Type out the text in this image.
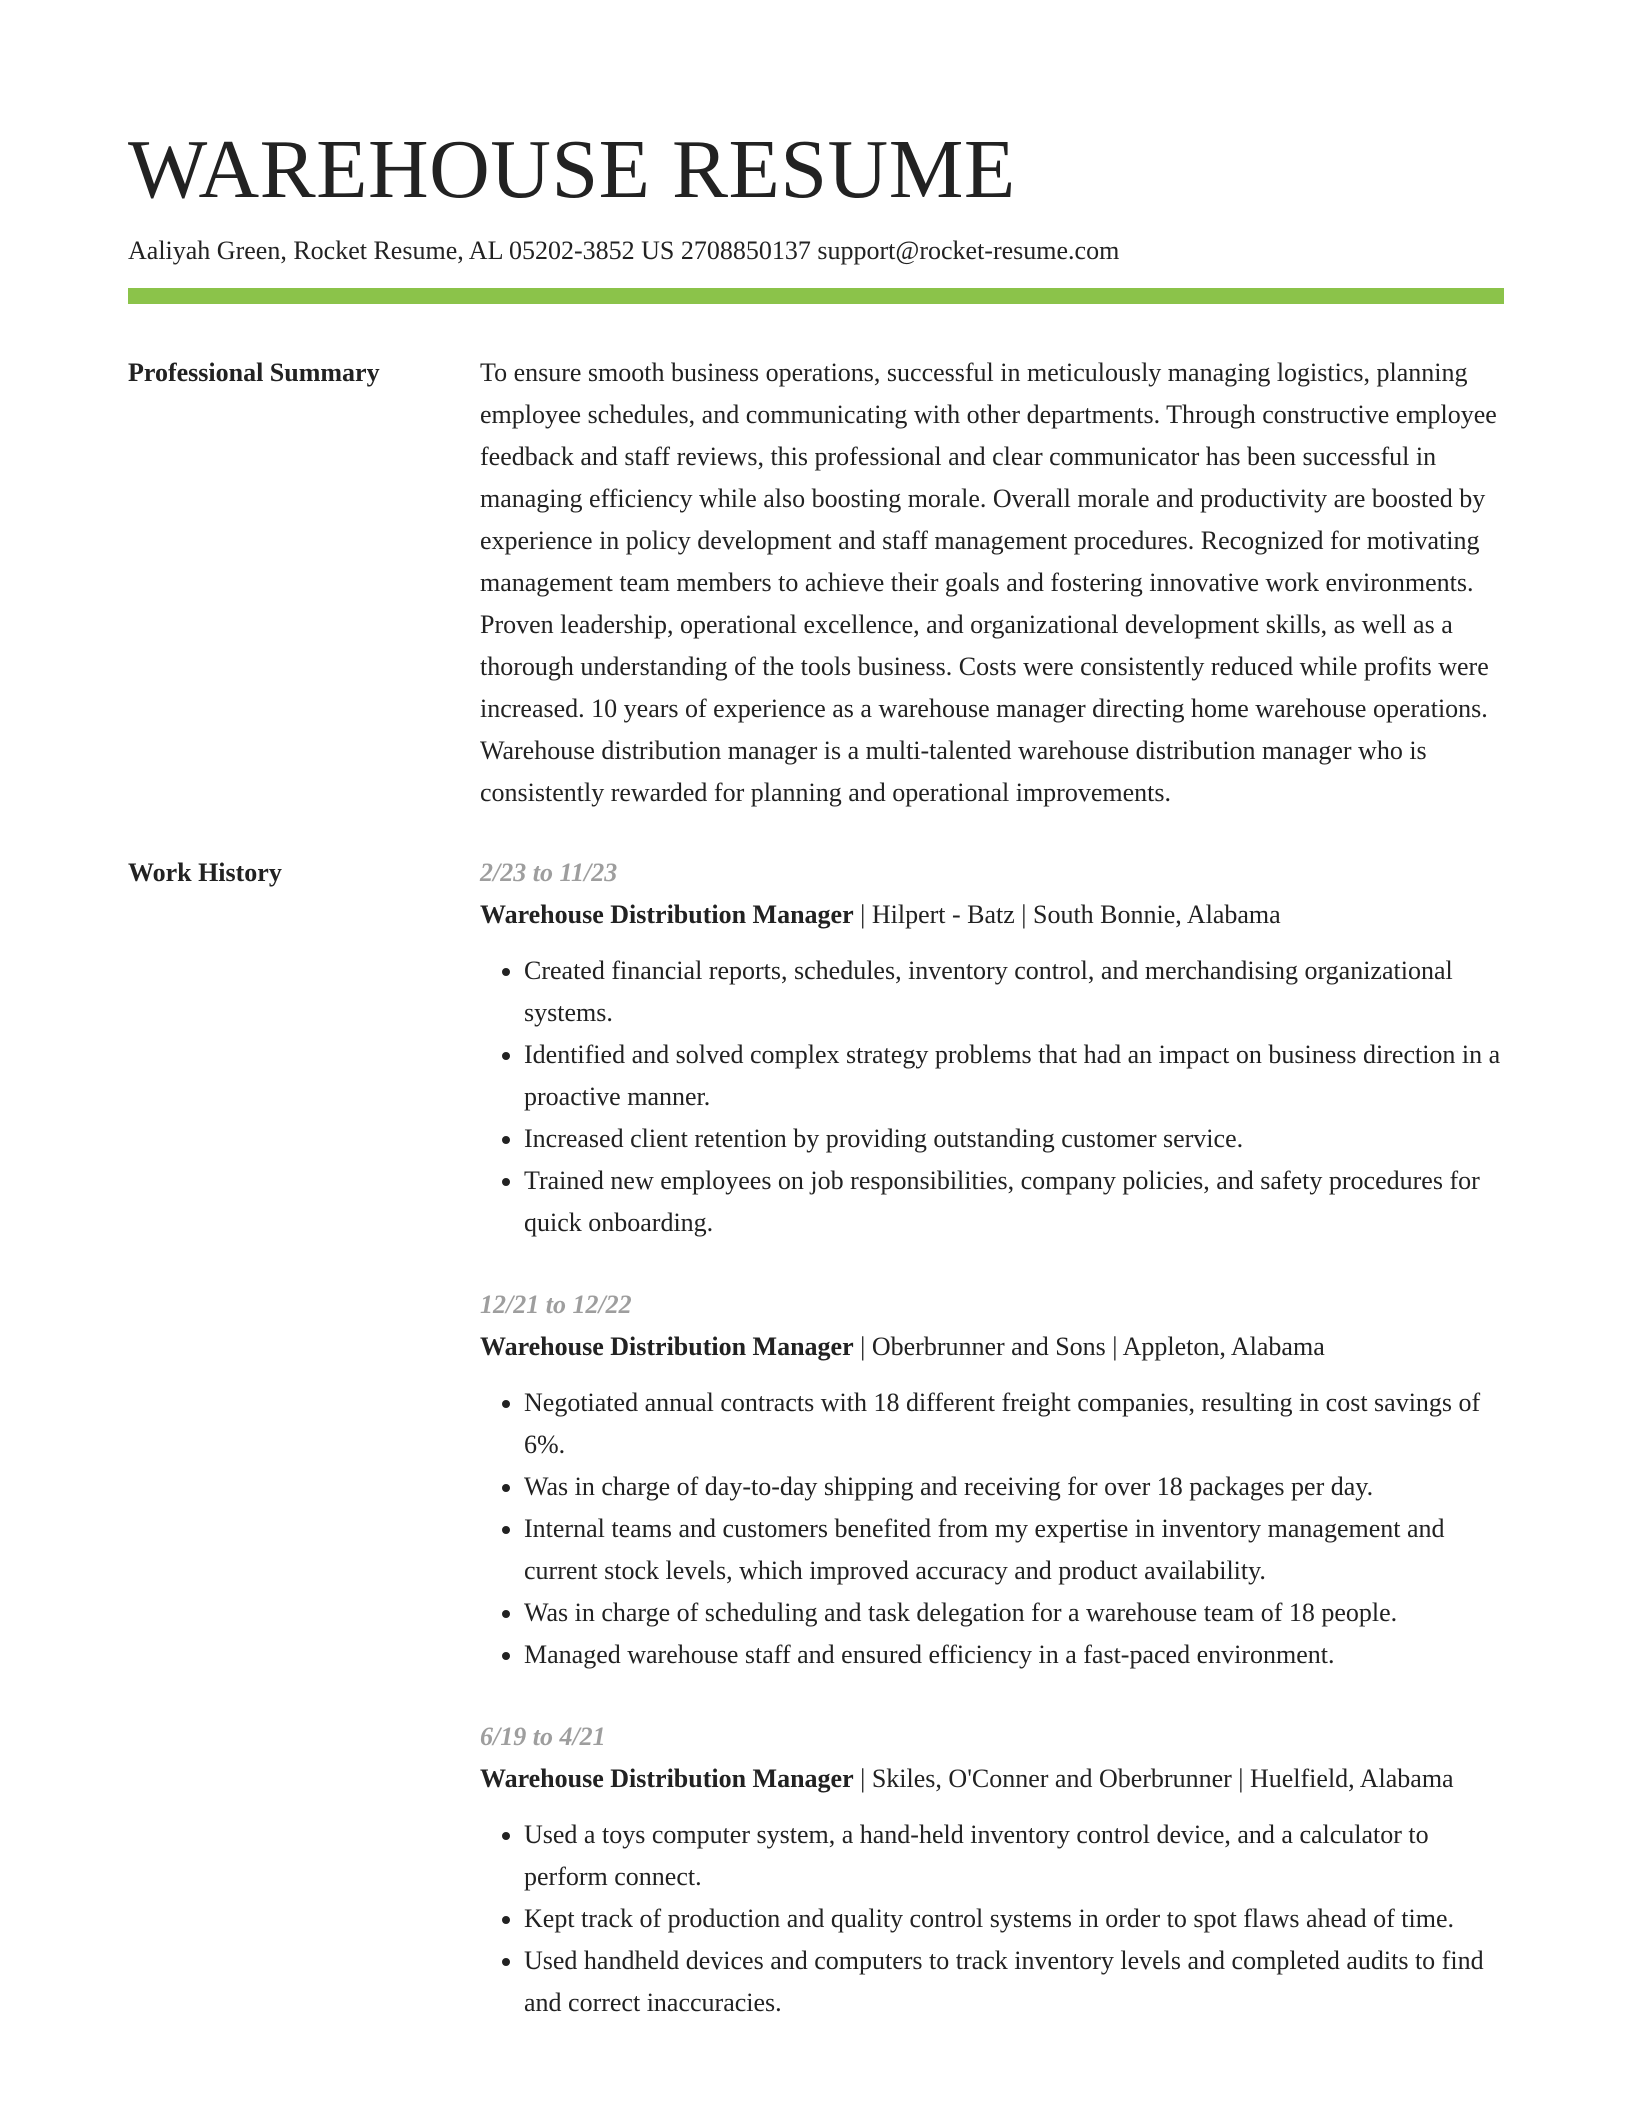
WAREHOUSE RESUME
Aaliyah Green, Rocket Resume, AL 05202-3852 US 2708850137 support@rocket-resume.com
Professional Summary	To ensure smooth business operations, successful in meticulously managing logistics, planning employee schedules, and communicating with other departments. Through constructive employee feedback and staff reviews, this professional and clear communicator has been successful in managing efficiency while also boosting morale. Overall morale and productivity are boosted by experience in policy development and staff management procedures. Recognized for motivating management team members to achieve their goals and fostering innovative work environments. Proven leadership, operational excellence, and organizational development skills, as well as a thorough understanding of the tools business. Costs were consistently reduced while profits were increased. 10 years of experience as a warehouse manager directing home warehouse operations. Warehouse distribution manager is a multi-talented warehouse distribution manager who is consistently rewarded for planning and operational improvements.

Work History	2/23 to 11/23
Warehouse Distribution Manager | Hilpert - Batz | South Bonnie, Alabama
• Created financial reports, schedules, inventory control, and merchandising organizational systems.
• Identified and solved complex strategy problems that had an impact on business direction in a proactive manner.
• Increased client retention by providing outstanding customer service.
• Trained new employees on job responsibilities, company policies, and safety procedures for quick onboarding.
12/21 to 12/22
Warehouse Distribution Manager | Oberbrunner and Sons | Appleton, Alabama
• Negotiated annual contracts with 18 different freight companies, resulting in cost savings of 6%.
• Was in charge of day-to-day shipping and receiving for over 18 packages per day.
• Internal teams and customers benefited from my expertise in inventory management and current stock levels, which improved accuracy and product availability.
• Was in charge of scheduling and task delegation for a warehouse team of 18 people.
• Managed warehouse staff and ensured efficiency in a fast-paced environment.
6/19 to 4/21
Warehouse Distribution Manager | Skiles, O'Conner and Oberbrunner | Huelfield, Alabama
• Used a toys computer system, a hand-held inventory control device, and a calculator to perform connect.
• Kept track of production and quality control systems in order to spot flaws ahead of time.
• Used handheld devices and computers to track inventory levels and completed audits to find and correct inaccuracies.
